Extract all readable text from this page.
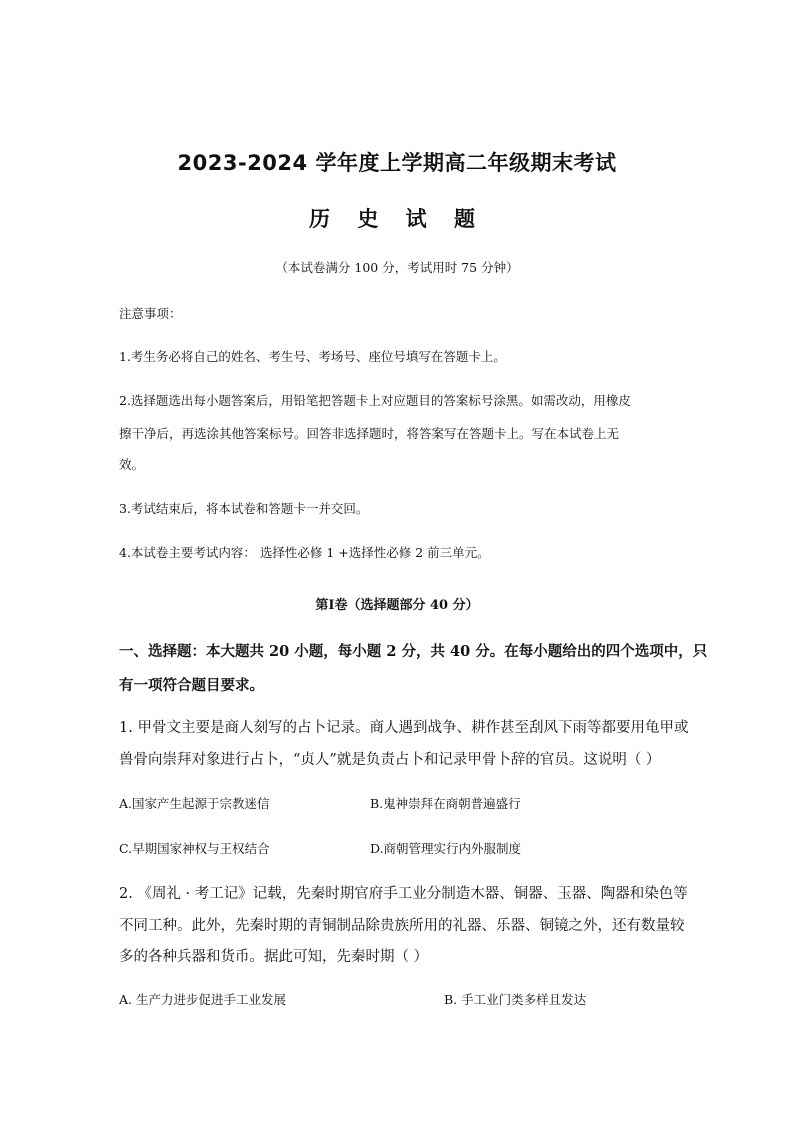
2023-2024 学年度上学期高二年级期末考试
历 史 试 题
（本试卷满分 100 分，考试用时 75 分钟）
注意事项：
1.考生务必将自己的姓名、考生号、考场号、座位号填写在答题卡上。
2.选择题选出每小题答案后，用铅笔把答题卡上对应题目的答案标号涂黑。如需改动，用橡皮
擦干净后，再选涂其他答案标号。回答非选择题时，将答案写在答题卡上。写在本试卷上无
效。
3.考试结束后，将本试卷和答题卡一并交回。
4.本试卷主要考试内容： 选择性必修 1 +选择性必修 2 前三单元。
第Ⅰ卷（选择题部分 40 分）
一、选择题：本大题共 20 小题，每小题 2 分，共 40 分。在每小题给出的四个选项中，只
有一项符合题目要求。
1. 甲骨文主要是商人刻写的占卜记录。商人遇到战争、耕作甚至刮风下雨等都要用龟甲或
兽骨向崇拜对象进行占卜，“贞人”就是负责占卜和记录甲骨卜辞的官员。这说明（ ）
A.国家产生起源于宗教迷信	B.鬼神崇拜在商朝普遍盛行
C.早期国家神权与王权结合	D.商朝管理实行内外服制度
2. 《周礼 · 考工记》记载，先秦时期官府手工业分制造木器、铜器、玉器、陶器和染色等
不同工种。此外，先秦时期的青铜制品除贵族所用的礼器、乐器、铜镜之外，还有数量较
多的各种兵器和货币。据此可知，先秦时期（ ）
A. 生产力进步促进手工业发展	B. 手工业门类多样且发达
